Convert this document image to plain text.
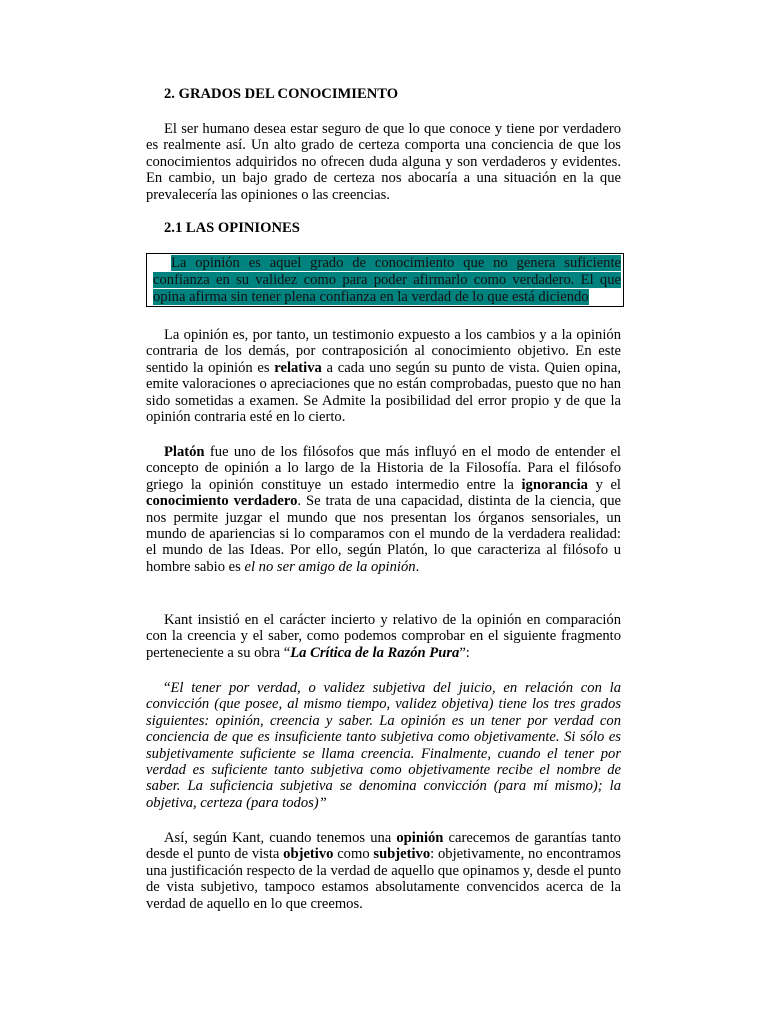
2. GRADOS DEL CONOCIMIENTO

El ser humano desea estar seguro de que lo que conoce y tiene por verdadero es realmente así. Un alto grado de certeza comporta una conciencia de que los conocimientos adquiridos no ofrecen duda alguna y son verdaderos y evidentes. En cambio, un bajo grado de certeza nos abocaría a una situación en la que prevalecería las opiniones o las creencias.

2.1 LAS OPINIONES

La opinión es aquel grado de conocimiento que no genera suficiente confianza en su validez como para poder afirmarlo como verdadero. El que opina afirma sin tener plena confianza en la verdad de lo que está diciendo

La opinión es, por tanto, un testimonio expuesto a los cambios y a la opinión contraria de los demás, por contraposición al conocimiento objetivo. En este sentido la opinión es relativa a cada uno según su punto de vista. Quien opina, emite valoraciones o apreciaciones que no están comprobadas, puesto que no han sido sometidas a examen. Se Admite la posibilidad del error propio y de que la opinión contraria esté en lo cierto.

Platón fue uno de los filósofos que más influyó en el modo de entender el concepto de opinión a lo largo de la Historia de la Filosofía. Para el filósofo griego la opinión constituye un estado intermedio entre la ignorancia y el conocimiento verdadero. Se trata de una capacidad, distinta de la ciencia, que nos permite juzgar el mundo que nos presentan los órganos sensoriales, un mundo de apariencias si lo comparamos con el mundo de la verdadera realidad: el mundo de las Ideas. Por ello, según Platón, lo que caracteriza al filósofo u hombre sabio es el no ser amigo de la opinión.

Kant insistió en el carácter incierto y relativo de la opinión en comparación con la creencia y el saber, como podemos comprobar en el siguiente fragmento perteneciente a su obra “La Crítica de la Razón Pura”:

“El tener por verdad, o validez subjetiva del juicio, en relación con la convicción (que posee, al mismo tiempo, validez objetiva) tiene los tres grados siguientes: opinión, creencia y saber. La opinión es un tener por verdad con conciencia de que es insuficiente tanto subjetiva como objetivamente. Si sólo es subjetivamente suficiente se llama creencia. Finalmente, cuando el tener por verdad es suficiente tanto subjetiva como objetivamente recibe el nombre de saber. La suficiencia subjetiva se denomina convicción (para mí mismo); la objetiva, certeza (para todos)”

Así, según Kant, cuando tenemos una opinión carecemos de garantías tanto desde el punto de vista objetivo como subjetivo: objetivamente, no encontramos una justificación respecto de la verdad de aquello que opinamos y, desde el punto de vista subjetivo, tampoco estamos absolutamente convencidos acerca de la verdad de aquello en lo que creemos.
